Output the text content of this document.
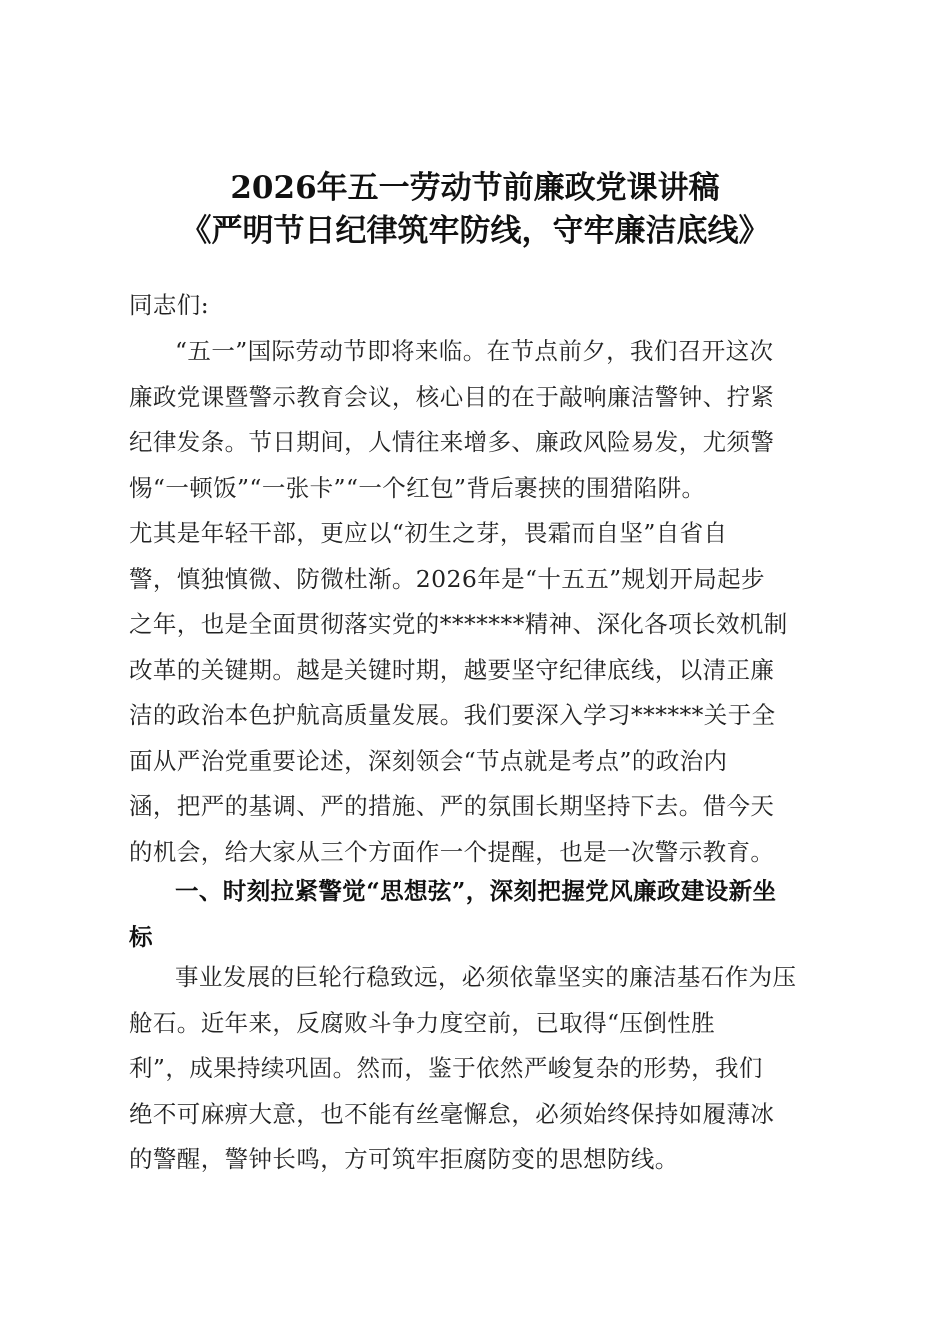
2026年五一劳动节前廉政党课讲稿
《严明节日纪律筑牢防线，守牢廉洁底线》
同志们:
“五一”国际劳动节即将来临。在节点前夕，我们召开这次
廉政党课暨警示教育会议，核心目的在于敲响廉洁警钟、拧紧
纪律发条。节日期间，人情往来增多、廉政风险易发，尤须警
惕“一顿饭”“一张卡”“一个红包”背后裹挟的围猎陷阱。
尤其是年轻干部，更应以“初生之芽，畏霜而自坚”自省自
警，慎独慎微、防微杜渐。2026年是“十五五”规划开局起步
之年，也是全面贯彻落实党的*******精神、深化各项长效机制
改革的关键期。越是关键时期，越要坚守纪律底线，以清正廉
洁的政治本色护航高质量发展。我们要深入学习******关于全
面从严治党重要论述，深刻领会“节点就是考点”的政治内
涵，把严的基调、严的措施、严的氛围长期坚持下去。借今天
的机会，给大家从三个方面作一个提醒，也是一次警示教育。
一、时刻拉紧警觉“思想弦”，深刻把握党风廉政建设新坐
标
事业发展的巨轮行稳致远，必须依靠坚实的廉洁基石作为压
舱石。近年来，反腐败斗争力度空前，已取得“压倒性胜
利”，成果持续巩固。然而，鉴于依然严峻复杂的形势，我们
绝不可麻痹大意，也不能有丝毫懈怠，必须始终保持如履薄冰
的警醒，警钟长鸣，方可筑牢拒腐防变的思想防线。
